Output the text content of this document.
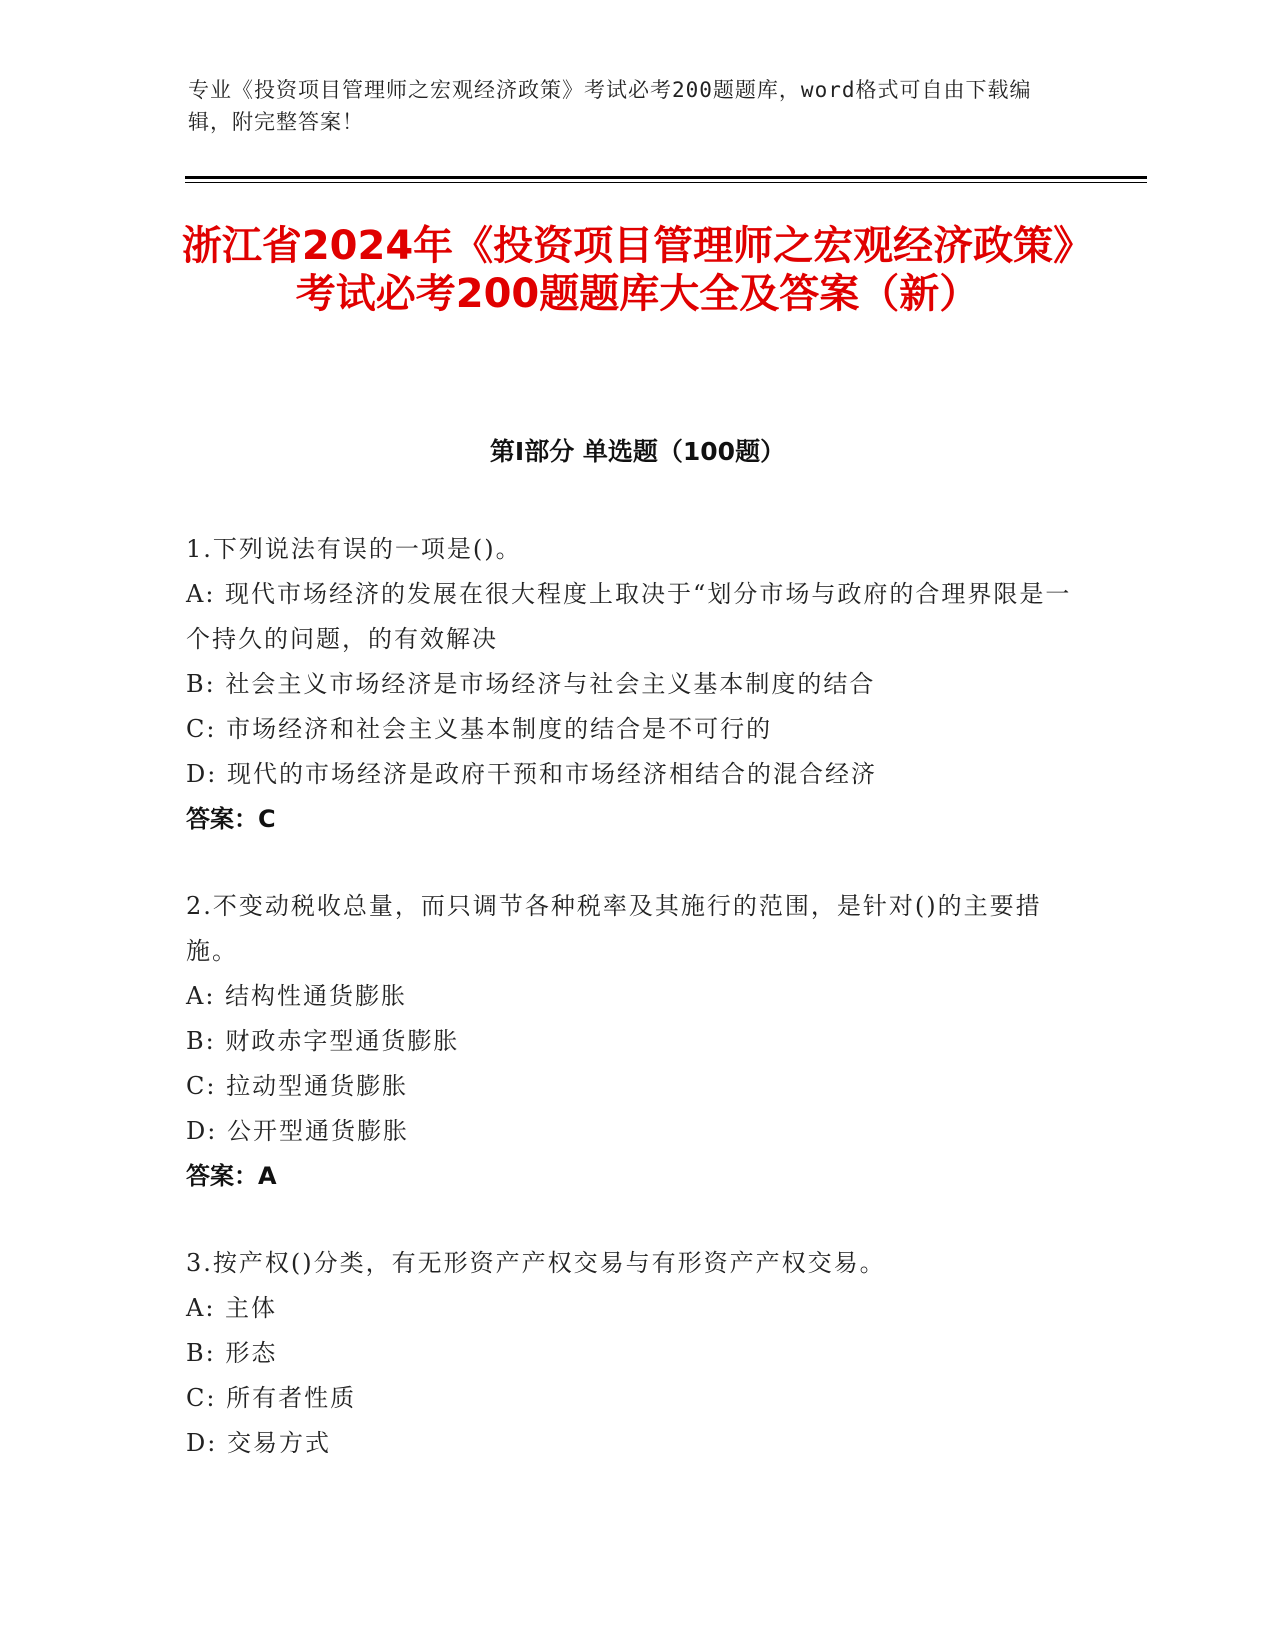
专业《投资项目管理师之宏观经济政策》考试必考200题题库，word格式可自由下载编辑，附完整答案！
浙江省2024年《投资项目管理师之宏观经济政策》考试必考200题题库大全及答案（新）
第I部分 单选题（100题）
1.下列说法有误的一项是()。
A: 现代市场经济的发展在很大程度上取决于“划分市场与政府的合理界限是一个持久的问题，的有效解决
B: 社会主义市场经济是市场经济与社会主义基本制度的结合
C: 市场经济和社会主义基本制度的结合是不可行的
D: 现代的市场经济是政府干预和市场经济相结合的混合经济
答案：C
2.不变动税收总量，而只调节各种税率及其施行的范围，是针对()的主要措施。
A: 结构性通货膨胀
B: 财政赤字型通货膨胀
C: 拉动型通货膨胀
D: 公开型通货膨胀
答案：A
3.按产权()分类，有无形资产产权交易与有形资产产权交易。
A: 主体
B: 形态
C: 所有者性质
D: 交易方式
